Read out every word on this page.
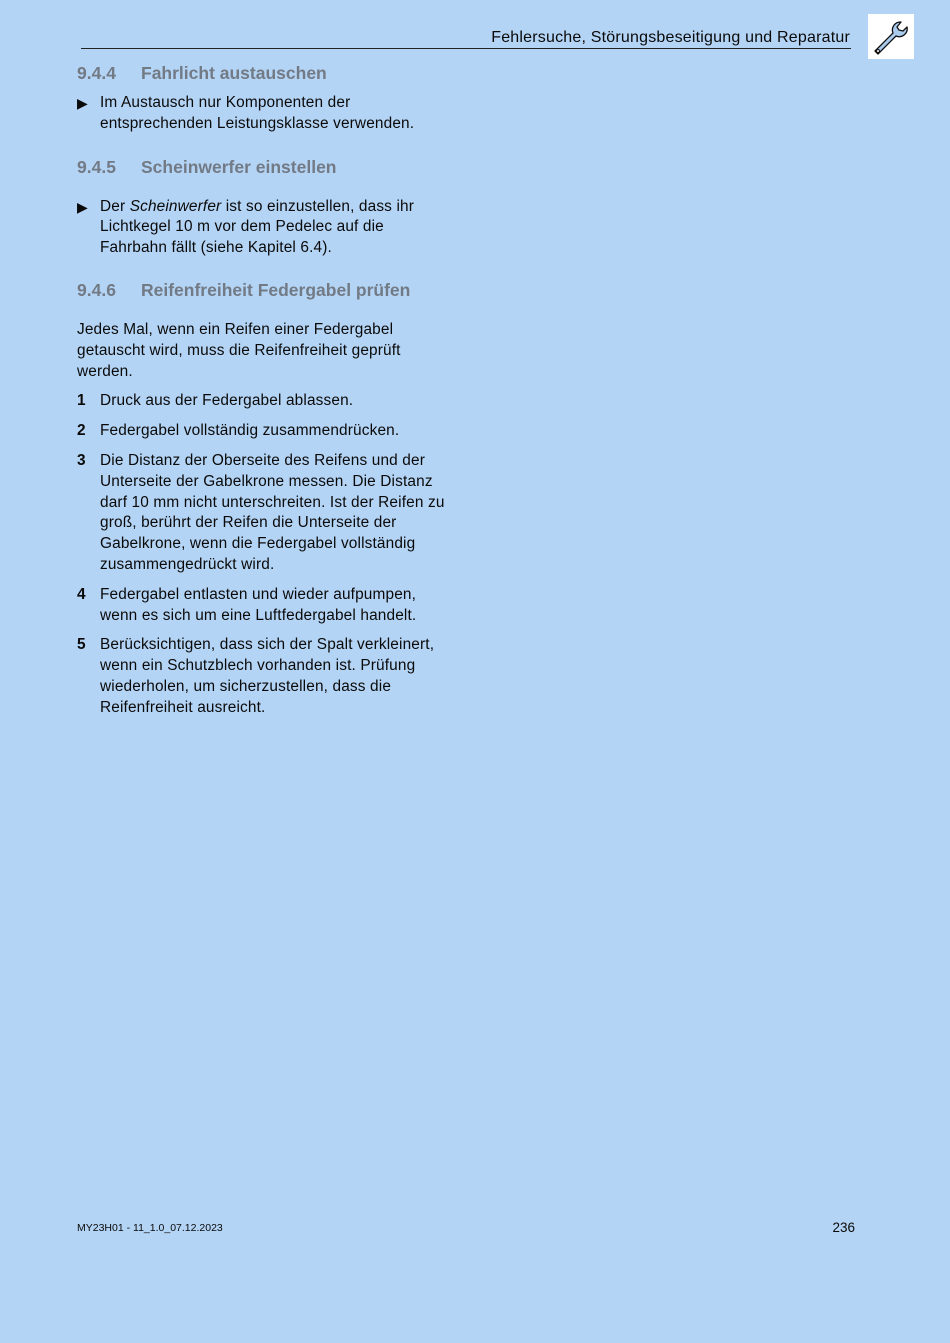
Fehlersuche, Störungsbeseitigung und Reparatur
9.4.4	Fahrlicht austauschen
▶ Im Austausch nur Komponenten der entsprechenden Leistungsklasse verwenden.
9.4.5	Scheinwerfer einstellen
▶ Der Scheinwerfer ist so einzustellen, dass ihr Lichtkegel 10 m vor dem Pedelec auf die Fahrbahn fällt (siehe Kapitel 6.4).
9.4.6	Reifenfreiheit Federgabel prüfen
Jedes Mal, wenn ein Reifen einer Federgabel getauscht wird, muss die Reifenfreiheit geprüft werden.
1 Druck aus der Federgabel ablassen.
2 Federgabel vollständig zusammendrücken.
3 Die Distanz der Oberseite des Reifens und der Unterseite der Gabelkrone messen. Die Distanz darf 10 mm nicht unterschreiten. Ist der Reifen zu groß, berührt der Reifen die Unterseite der Gabelkrone, wenn die Federgabel vollständig zusammengedrückt wird.
4 Federgabel entlasten und wieder aufpumpen, wenn es sich um eine Luftfedergabel handelt.
5 Berücksichtigen, dass sich der Spalt verkleinert, wenn ein Schutzblech vorhanden ist. Prüfung wiederholen, um sicherzustellen, dass die Reifenfreiheit ausreicht.
MY23H01 - 11_1.0_07.12.2023	236
